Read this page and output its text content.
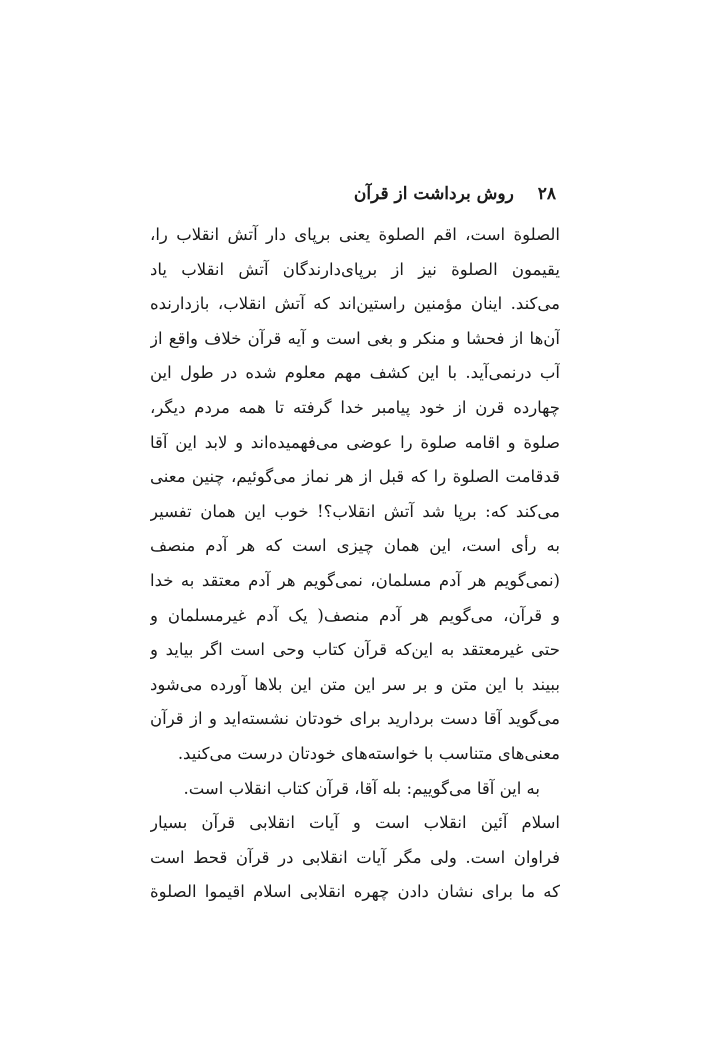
۲۸ روش برداشت از قرآن
الصلوة است، اقم الصلوة یعنی برپای دار آتش انقلاب را،
یقیمون الصلوة نیز از برپای‌دارندگان آتش انقلاب یاد
می‌کند. اینان مؤمنین راستین‌اند که آتش انقلاب، بازدارنده
آن‌ها از فحشا و منکر و بغی است و آیه قرآن خلاف واقع از
آب درنمی‌آید. با این کشف مهم معلوم شده در طول این
چهارده قرن از خود پیامبر خدا گرفته تا همه مردم دیگر،
صلوة و اقامه صلوة را عوضی می‌فهمیده‌اند و لابد این آقا
قدقامت الصلوة را که قبل از هر نماز می‌گوئیم، چنین معنی
می‌کند که: برپا شد آتش انقلاب؟! خوب این همان تفسیر
به رأی است، این همان چیزی است که هر آدم منصف
(نمی‌گویم هر آدم مسلمان، نمی‌گویم هر آدم معتقد به خدا
و قرآن، می‌گویم هر آدم منصف( یک آدم غیرمسلمان و
حتی غیرمعتقد به این‌که قرآن کتاب وحی است اگر بیاید و
ببیند با این متن و بر سر این متن این بلاها آورده می‌شود
می‌گوید آقا دست بردارید برای خودتان نشسته‌اید و از قرآن
معنی‌های متناسب با خواسته‌های خودتان درست می‌کنید.
به این آقا می‌گوییم: بله آقا، قرآن کتاب انقلاب است.
اسلام آئین انقلاب است و آیات انقلابی قرآن بسیار
فراوان است. ولی مگر آیات انقلابی در قرآن قحط است
که ما برای نشان دادن چهره انقلابی اسلام اقیموا الصلوة
